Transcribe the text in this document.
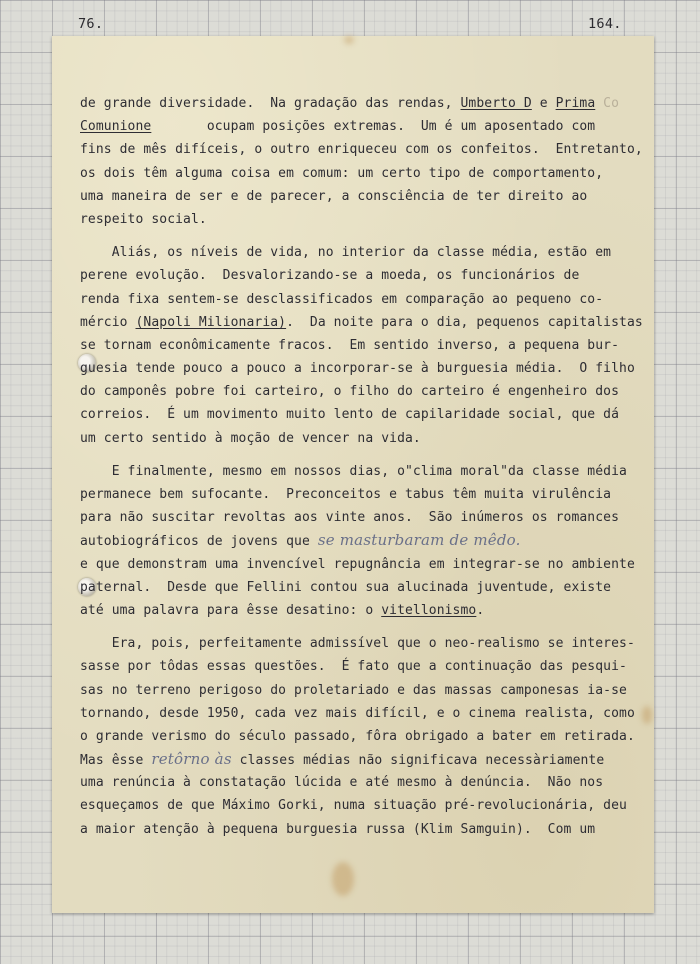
76.	164.
de grande diversidade.  Na gradação das rendas, Umberto D e Prima Co
Comunione       ocupam posições extremas.  Um é um aposentado com
fins de mês difíceis, o outro enriqueceu com os confeitos.  Entretanto,
os dois têm alguma coisa em comum: um certo tipo de comportamento,
uma maneira de ser e de parecer, a consciência de ter direito ao
respeito social.
Aliás, os níveis de vida, no interior da classe média, estão em
perene evolução.  Desvalorizando-se a moeda, os funcionários de
renda fixa sentem-se desclassificados em comparação ao pequeno co-
mércio (Napoli Milionaria).  Da noite para o dia, pequenos capitalistas
se tornam econômicamente fracos.  Em sentido inverso, a pequena bur-
guesia tende pouco a pouco a incorporar-se à burguesia média.  O filho
do camponês pobre foi carteiro, o filho do carteiro é engenheiro dos
correios.  É um movimento muito lento de capilaridade social, que dá
um certo sentido à moção de vencer na vida.
E finalmente, mesmo em nossos dias, o"clima moral"da classe média
permanece bem sufocante.  Preconceitos e tabus têm muita virulência
para não suscitar revoltas aos vinte anos.  São inúmeros os romances
autobiográficos de jovens que se masturbaram de mêdo.
e que demonstram uma invencível repugnância em integrar-se no ambiente
paternal.  Desde que Fellini contou sua alucinada juventude, existe
até uma palavra para êsse desatino: o vitellonismo.
Era, pois, perfeitamente admissível que o neo-realismo se interes-
sasse por tôdas essas questões.  É fato que a continuação das pesqui-
sas no terreno perigoso do proletariado e das massas camponesas ia-se
tornando, desde 1950, cada vez mais difícil, e o cinema realista, como
o grande verismo do século passado, fôra obrigado a bater em retirada.
Mas êsse retôrno às classes médias não significava necessàriamente
uma renúncia à constatação lúcida e até mesmo à denúncia.  Não nos
esqueçamos de que Máximo Gorki, numa situação pré-revolucionária, deu
a maior atenção à pequena burguesia russa (Klim Samguin).  Com um
